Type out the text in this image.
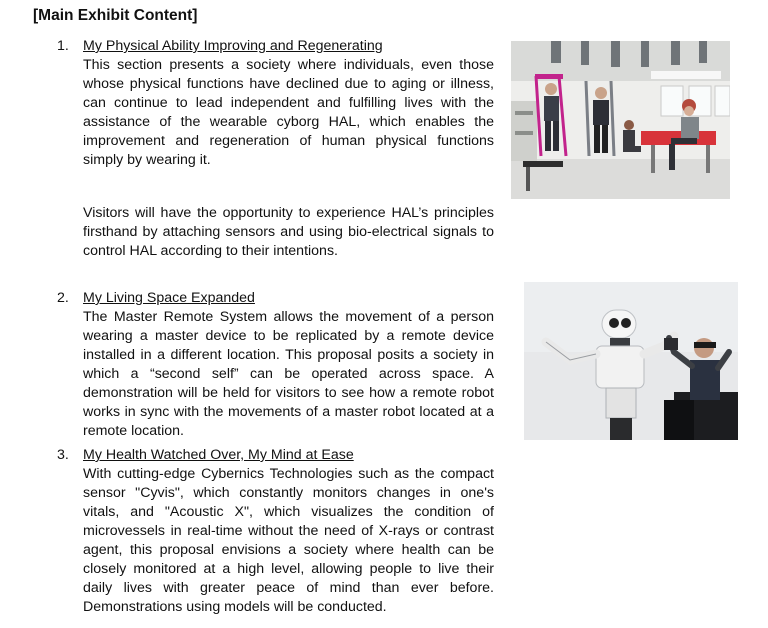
[Main Exhibit Content]
1. My Physical Ability Improving and Regenerating

This section presents a society where individuals, even those whose physical functions have declined due to aging or illness, can continue to lead independent and fulfilling lives with the assistance of the wearable cyborg HAL, which enables the improvement and regeneration of human physical functions simply by wearing it.

Visitors will have the opportunity to experience HAL’s principles firsthand by attaching sensors and using bio-electrical signals to control HAL according to their intentions.

2. My Living Space Expanded

The Master Remote System allows the movement of a person wearing a master device to be replicated by a remote device installed in a different location. This proposal posits a society in which a “second self” can be operated across space. A demonstration will be held for visitors to see how a remote robot works in sync with the movements of a master robot located at a remote location.

3. My Health Watched Over, My Mind at Ease

With cutting-edge Cybernics Technologies such as the compact sensor "Cyvis", which constantly monitors changes in one's vitals, and "Acoustic X", which visualizes the condition of microvessels in real-time without the need of X-rays or contrast agent, this proposal envisions a society where health can be closely monitored at a high level, allowing people to live their daily lives with greater peace of mind than ever before. Demonstrations using models will be conducted.
